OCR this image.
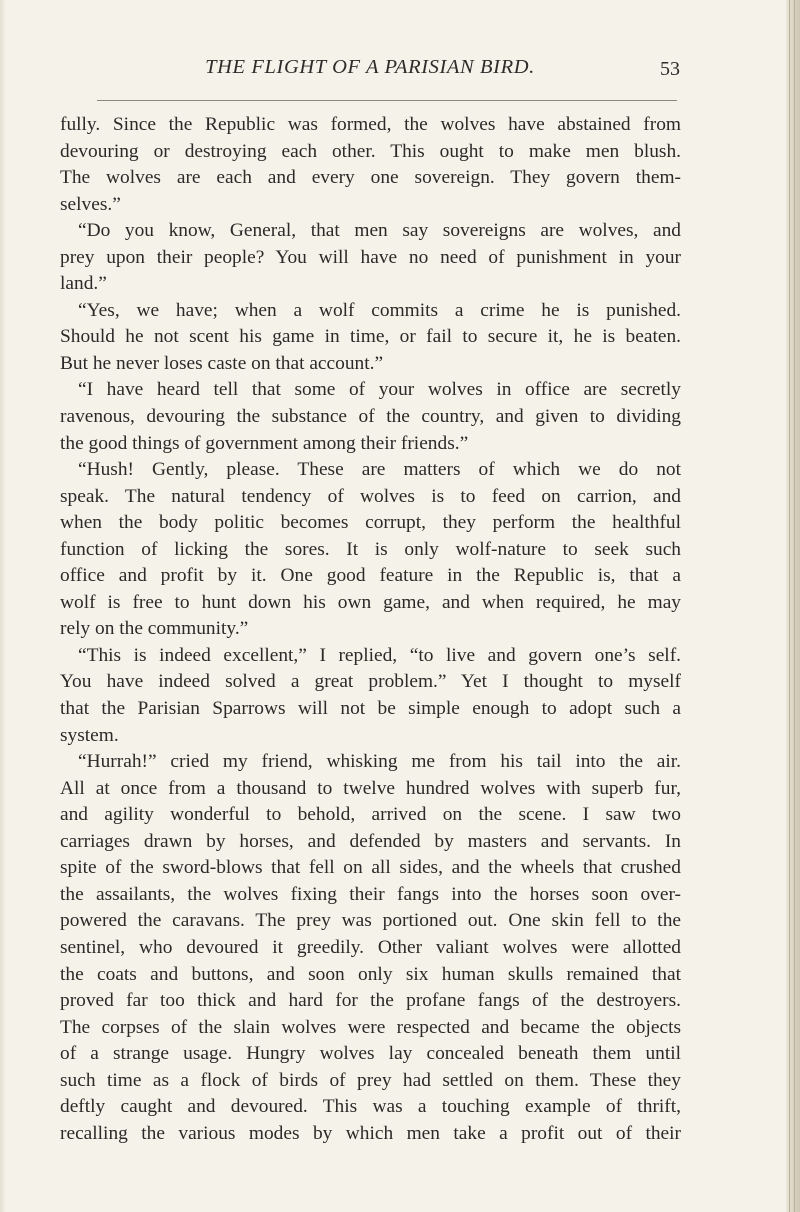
THE FLIGHT OF A PARISIAN BIRD.	53
fully. Since the Republic was formed, the wolves have abstained from
devouring or destroying each other. This ought to make men blush.
The wolves are each and every one sovereign. They govern them-
selves.”
“Do you know, General, that men say sovereigns are wolves, and
prey upon their people? You will have no need of punishment in your
land.”
“Yes, we have; when a wolf commits a crime he is punished.
Should he not scent his game in time, or fail to secure it, he is beaten.
But he never loses caste on that account.”
“I have heard tell that some of your wolves in office are secretly
ravenous, devouring the substance of the country, and given to dividing
the good things of government among their friends.”
“Hush! Gently, please. These are matters of which we do not
speak. The natural tendency of wolves is to feed on carrion, and
when the body politic becomes corrupt, they perform the healthful
function of licking the sores. It is only wolf-nature to seek such
office and profit by it. One good feature in the Republic is, that a
wolf is free to hunt down his own game, and when required, he may
rely on the community.”
“This is indeed excellent,” I replied, “to live and govern one’s self.
You have indeed solved a great problem.” Yet I thought to myself
that the Parisian Sparrows will not be simple enough to adopt such a
system.
“Hurrah!” cried my friend, whisking me from his tail into the air.
All at once from a thousand to twelve hundred wolves with superb fur,
and agility wonderful to behold, arrived on the scene. I saw two
carriages drawn by horses, and defended by masters and servants. In
spite of the sword-blows that fell on all sides, and the wheels that crushed
the assailants, the wolves fixing their fangs into the horses soon over-
powered the caravans. The prey was portioned out. One skin fell to the
sentinel, who devoured it greedily. Other valiant wolves were allotted
the coats and buttons, and soon only six human skulls remained that
proved far too thick and hard for the profane fangs of the destroyers.
The corpses of the slain wolves were respected and became the objects
of a strange usage. Hungry wolves lay concealed beneath them until
such time as a flock of birds of prey had settled on them. These they
deftly caught and devoured. This was a touching example of thrift,
recalling the various modes by which men take a profit out of their
